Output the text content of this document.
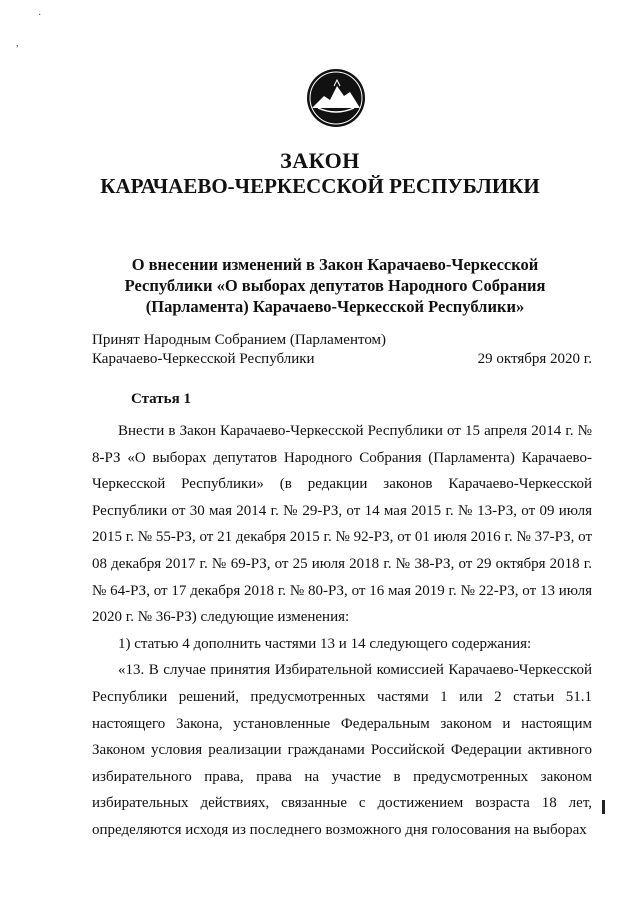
·
,
ЗАКОН
КАРАЧАЕВО-ЧЕРКЕССКОЙ РЕСПУБЛИКИ
О внесении изменений в Закон Карачаево-Черкесской Республики «О выборах депутатов Народного Собрания (Парламента) Карачаево-Черкесской Республики»
Принят Народным Собранием (Парламентом)
Карачаево-Черкесской Республики	29 октября 2020 г.
Статья 1

Внести в Закон Карачаево-Черкесской Республики от 15 апреля 2014 г. № 8-РЗ «О выборах депутатов Народного Собрания (Парламента) Карачаево-Черкесской Республики» (в редакции законов Карачаево-Черкесской Республики от 30 мая 2014 г. № 29-РЗ, от 14 мая 2015 г. № 13-РЗ, от 09 июля 2015 г. № 55-РЗ, от 21 декабря 2015 г. № 92-РЗ, от 01 июля 2016 г. № 37-РЗ, от 08 декабря 2017 г. № 69-РЗ, от 25 июля 2018 г. № 38-РЗ, от 29 октября 2018 г. № 64-РЗ, от 17 декабря 2018 г. № 80-РЗ, от 16 мая 2019 г. № 22-РЗ, от 13 июля 2020 г. № 36-РЗ) следующие изменения:

1) статью 4 дополнить частями 13 и 14 следующего содержания:

«13. В случае принятия Избирательной комиссией Карачаево-Черкесской Республики решений, предусмотренных частями 1 или 2 статьи 51.1 настоящего Закона, установленные Федеральным законом и настоящим Законом условия реализации гражданами Российской Федерации активного избирательного права, права на участие в предусмотренных законом избирательных действиях, связанные с достижением возраста 18 лет, определяются исходя из последнего возможного дня голосования на выборах
